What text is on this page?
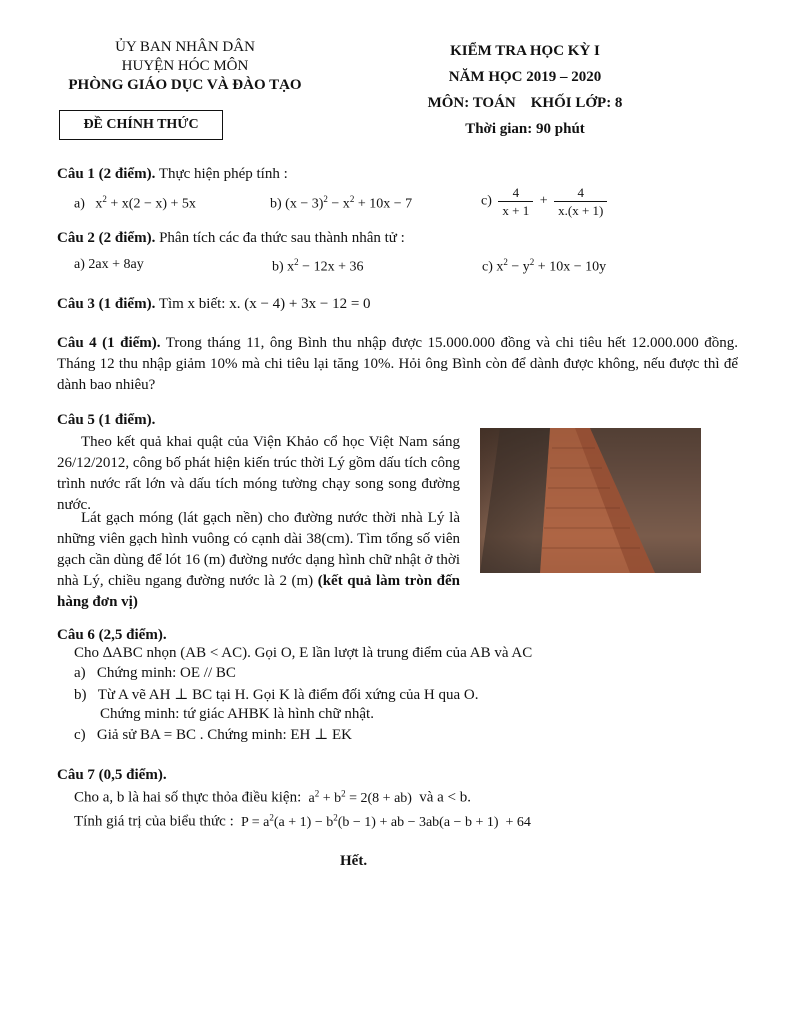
ỦY BAN NHÂN DÂN
HUYỆN HÓC MÔN
PHÒNG GIÁO DỤC VÀ ĐÀO TẠO
ĐỀ CHÍNH THỨC
KIỂM TRA HỌC KỲ I
NĂM HỌC 2019 – 2020
MÔN: TOÁN KHỐI LỚP: 8
Thời gian: 90 phút
Câu 1 (2 điểm). Thực hiện phép tính :
a)   $x^2 + x(2 - x) + 5x$	b) $(x - 3)^2 - x^2 + 10x - 7$	$c) \frac{4}{x + 1} + \frac{4}{x.(x + 1)}$
Câu 2 (2 điểm). Phân tích các đa thức sau thành nhân tử :
a) 2ax + 8ay	b) $x^2 - 12x + 36$	c) $x^2 - y^2 + 10x - 10y$
Câu 3 (1 điểm). Tìm x biết: x. (x − 4) + 3x − 12 = 0
Câu 4 (1 điểm). Trong tháng 11, ông Bình thu nhập được 15.000.000 đồng và chi tiêu hết 12.000.000 đồng. Tháng 12 thu nhập giảm 10% mà chi tiêu lại tăng 10%. Hỏi ông Bình còn để dành được không, nếu được thì để dành bao nhiêu?
Câu 5 (1 điểm).
Theo kết quả khai quật của Viện Khảo cổ học Việt Nam sáng 26/12/2012, công bố phát hiện kiến trúc thời Lý gồm dấu tích công trình nước rất lớn và dấu tích móng tường chạy song song đường nước.
Lát gạch móng (lát gạch nền) cho đường nước thời nhà Lý là những viên gạch hình vuông có cạnh dài 38(cm). Tìm tổng số viên gạch cần dùng để lót 16 (m) đường nước dạng hình chữ nhật ở thời nhà Lý, chiều ngang đường nước là 2 (m) (kết quả làm tròn đến hàng đơn vị)
Câu 6 (2,5 điểm).
Cho ∆ABC nhọn (AB < AC). Gọi O, E lần lượt là trung điểm của AB và AC
a) Chứng minh: OE // BC
b) Từ A vẽ AH ⊥ BC tại H. Gọi K là điểm đối xứng của H qua O.
Chứng minh: tứ giác AHBK là hình chữ nhật.
c) Giả sử BA = BC . Chứng minh: EH ⊥ EK
Câu 7 (0,5 điểm).
Cho a, b là hai số thực thỏa điều kiện:  $a^2 + b^2 = 2(8 + ab)$  và a < b.
Tính giá trị của biểu thức :  $P = a^2(a + 1) - b^2(b - 1)$ + ab − 3ab(a − b + 1)  + 64
Hết.
